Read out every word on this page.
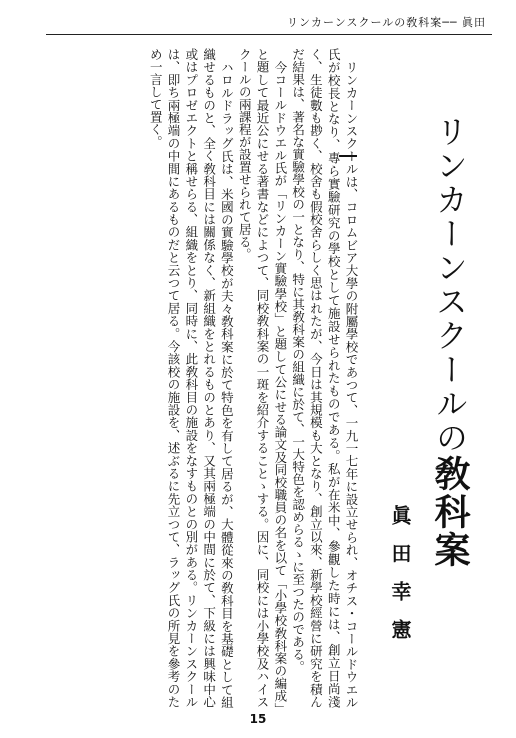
リンカーンスクールの敎科案── 眞田
リンカーンスクールの敎科案
眞田幸憲

リンカーンスクールは、コロムビア大學の附屬學校であつて、一九一七年に設立せられ、オチス・コールドウエル氏が校長となり、專ら實驗研究の學校として施設せられたものである。私が在米中、參觀した時には、創立日尚淺く、生徒數も尠く、校舍も假校舍らしく思はれたが、今日は其規模も大となり、創立以來、新學校經營に研究を積んだ結果は、著名な實驗學校の一となり、特に其敎科案の組織に於て、一大特色を認めらるゝに至つたのである。

今コールドウエル氏が「リンカーン實驗學校」と題して公にせる論文及同校職員の名を以て「小學校敎科案の編成」と題して最近公にせる著書などによつて、同校敎科案の一斑を紹介することゝする。因に、同校には小學校及ハイスクールの兩課程が設置せられて居る。

ハロルドラッグ氏は、米國の實驗學校が夫々敎科案に於て特色を有して居るが、大體從來の敎科目を基礎として組織せるものと、全く敎科目には關係なく、新組織をとれるものとあり、又其兩極端の中間に於て、下級には興味中心或はプロゼエクトと稱せらる、組織をとり、同時に、此敎科目の施設をなすものとの別がある。リンカーンスクールは、即ち兩極端の中間にあるものだと云つて居る。今該校の施設を、述ぶるに先立つて、ラッグ氏の所見を參考のため一言して置く。

15
